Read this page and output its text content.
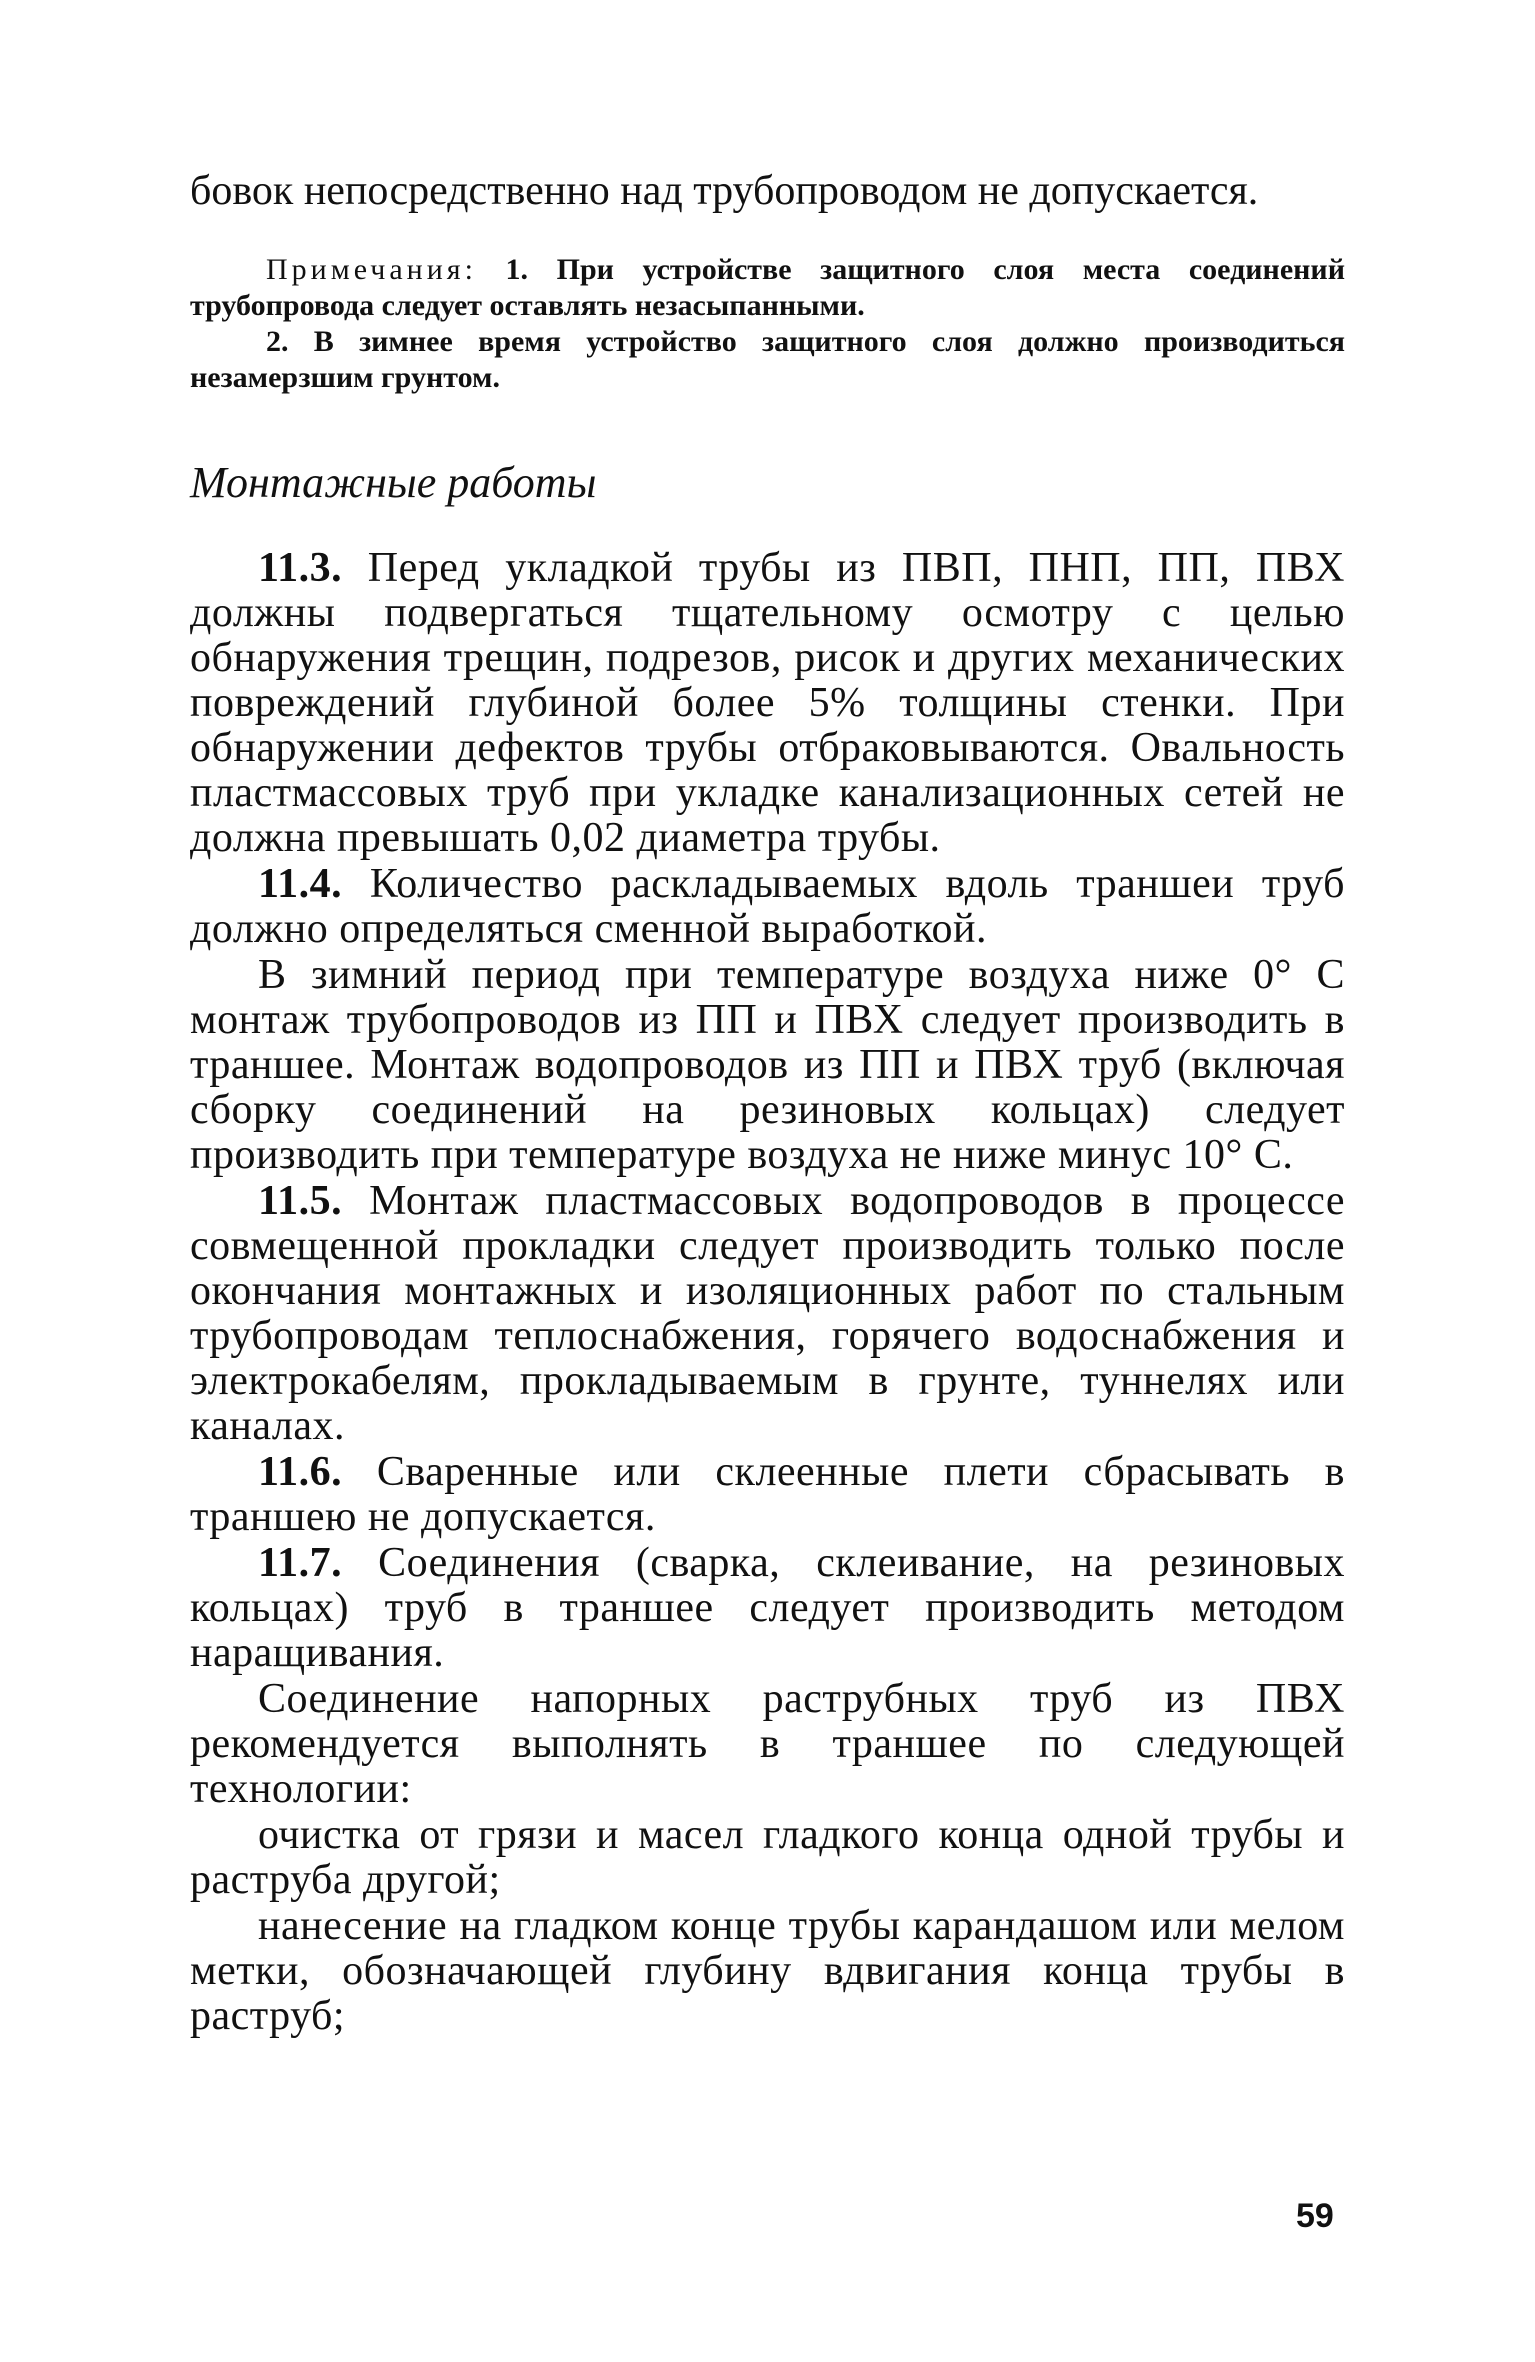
бовок непосредственно над трубопроводом не допускается.

Примечания: 1. При устройстве защитного слоя места соединений трубопровода следует оставлять незасыпанными.

2. В зимнее время устройство защитного слоя должно производиться незамерзшим грунтом.

Монтажные работы

11.3. Перед укладкой трубы из ПВП, ПНП, ПП, ПВХ должны подвергаться тщательному осмотру с целью обнаружения трещин, подрезов, рисок и других механических повреждений глубиной более 5% толщины стенки. При обнаружении дефектов трубы отбраковываются. Овальность пластмассовых труб при укладке канализационных сетей не должна превышать 0,02 диаметра трубы.

11.4. Количество раскладываемых вдоль траншеи труб должно определяться сменной выработкой.

В зимний период при температуре воздуха ниже 0° С монтаж трубопроводов из ПП и ПВХ следует производить в траншее. Монтаж водопроводов из ПП и ПВХ труб (включая сборку соединений на резиновых кольцах) следует производить при температуре воздуха не ниже минус 10° С.

11.5. Монтаж пластмассовых водопроводов в процессе совмещенной прокладки следует производить только после окончания монтажных и изоляционных работ по стальным трубопроводам теплоснабжения, горячего водоснабжения и электрокабелям, прокладываемым в грунте, туннелях или каналах.

11.6. Сваренные или склеенные плети сбрасывать в траншею не допускается.

11.7. Соединения (сварка, склеивание, на резиновых кольцах) труб в траншее следует производить методом наращивания.

Соединение напорных раструбных труб из ПВХ рекомендуется выполнять в траншее по следующей технологии:

очистка от грязи и масел гладкого конца одной трубы и раструба другой;

нанесение на гладком конце трубы карандашом или мелом метки, обозначающей глубину вдвигания конца трубы в раструб;

59
